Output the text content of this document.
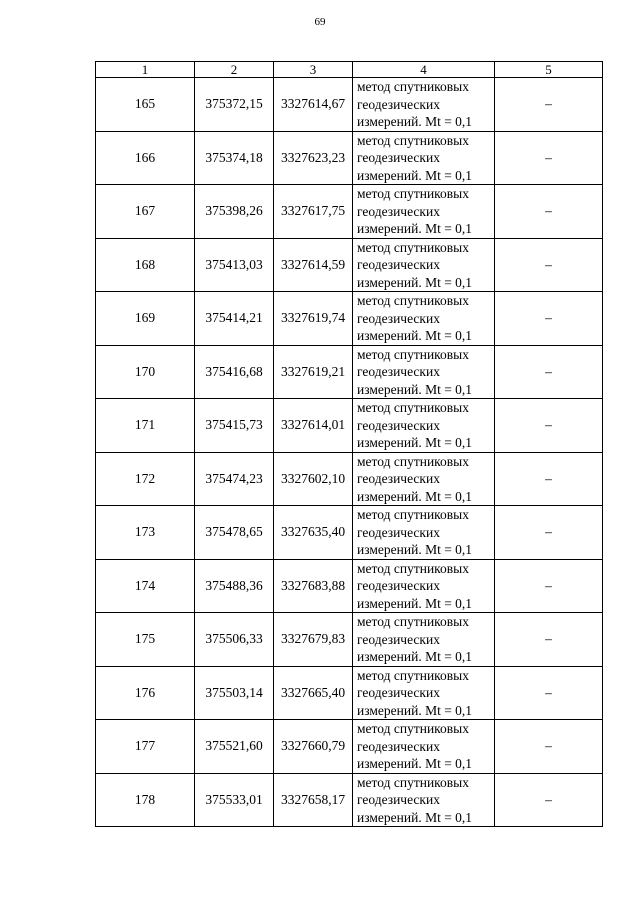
69
1	2	3	4	5
165	375372,15	3327614,67	метод спутниковых
геодезических
измерений. Mt = 0,1	–
166	375374,18	3327623,23	метод спутниковых
геодезических
измерений. Mt = 0,1	–
167	375398,26	3327617,75	метод спутниковых
геодезических
измерений. Mt = 0,1	–
168	375413,03	3327614,59	метод спутниковых
геодезических
измерений. Mt = 0,1	–
169	375414,21	3327619,74	метод спутниковых
геодезических
измерений. Mt = 0,1	–
170	375416,68	3327619,21	метод спутниковых
геодезических
измерений. Mt = 0,1	–
171	375415,73	3327614,01	метод спутниковых
геодезических
измерений. Mt = 0,1	–
172	375474,23	3327602,10	метод спутниковых
геодезических
измерений. Mt = 0,1	–
173	375478,65	3327635,40	метод спутниковых
геодезических
измерений. Mt = 0,1	–
174	375488,36	3327683,88	метод спутниковых
геодезических
измерений. Mt = 0,1	–
175	375506,33	3327679,83	метод спутниковых
геодезических
измерений. Mt = 0,1	–
176	375503,14	3327665,40	метод спутниковых
геодезических
измерений. Mt = 0,1	–
177	375521,60	3327660,79	метод спутниковых
геодезических
измерений. Mt = 0,1	–
178	375533,01	3327658,17	метод спутниковых
геодезических
измерений. Mt = 0,1	–
